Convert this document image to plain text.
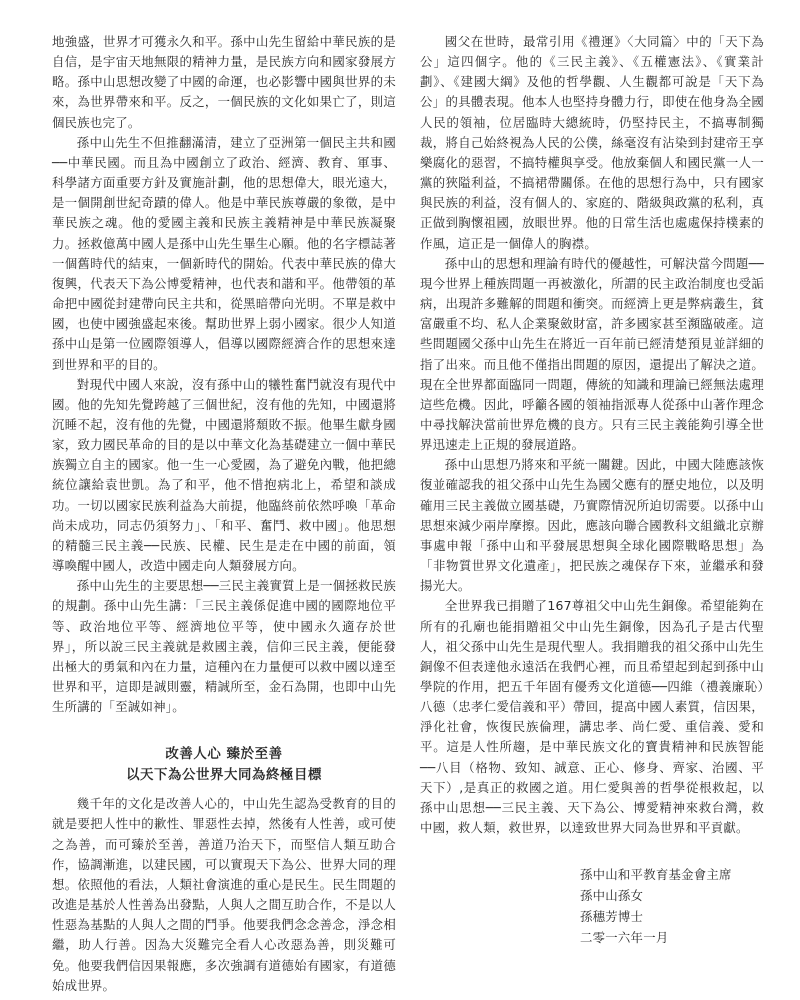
地強盛，世界才可獲永久和平。孫中山先生留給中華民族的是自信，是宇宙天地無限的精神力量，是民族方向和國家發展方略。孫中山思想改變了中國的命運，也必影響中國與世界的未來，為世界帶來和平。反之，一個民族的文化如果亡了，則這個民族也完了。

孫中山先生不但推翻滿清，建立了亞洲第一個民主共和國──中華民國。而且為中國創立了政治、經濟、教育、軍事、科學諸方面重要方針及實施計劃，他的思想偉大，眼光遠大，是一個開創世紀奇蹟的偉人。他是中華民族尊嚴的象徵，是中華民族之魂。他的愛國主義和民族主義精神是中華民族凝聚力。拯救億萬中國人是孫中山先生畢生心願。他的名字標誌著一個舊時代的結束，一個新時代的開始。代表中華民族的偉大復興，代表天下為公博愛精神，也代表和諧和平。他帶領的革命把中國從封建帶向民主共和，從黑暗帶向光明。不單是救中國，也使中國強盛起來後。幫助世界上弱小國家。很少人知道孫中山是第一位國際領導人，倡導以國際經濟合作的思想來達到世界和平的目的。

對現代中國人來說，沒有孫中山的犧牲奮鬥就沒有現代中國。他的先知先覺跨越了三個世紀，沒有他的先知，中國還將沉睡不起，沒有他的先覺，中國還將頹敗不振。他畢生獻身國家，致力國民革命的目的是以中華文化為基礎建立一個中華民族獨立自主的國家。他一生一心愛國，為了避免內戰，他把總統位讓給袁世凱。為了和平，他不惜抱病北上，希望和談成功。一切以國家民族利益為大前提，他臨終前依然呼喚「革命尚未成功，同志仍須努力」、「和平、奮鬥、救中國」。他思想的精髓三民主義──民族、民權、民生是走在中國的前面，領導喚醒中國人，改造中國走向人類發展方向。

孫中山先生的主要思想──三民主義實質上是一個拯救民族的規劃。孫中山先生講：「三民主義係促進中國的國際地位平等、政治地位平等、經濟地位平等，使中國永久適存於世界」，所以說三民主義就是救國主義，信仰三民主義，便能發出極大的勇氣和內在力量，這種內在力量便可以救中國以達至世界和平，這即是誠則靈，精誠所至，金石為開，也即中山先生所講的「至誠如神」。

改善人心 臻於至善
以天下為公世界大同為終極目標

幾千年的文化是改善人心的，中山先生認為受教育的目的就是要把人性中的歉性、罪惡性去掉，然後有人性善，或可使之為善，而可臻於至善，善道乃治天下，而堅信人類互助合作，協調漸進，以建民國，可以實現天下為公、世界大同的理想。依照他的看法，人類社會演進的重心是民生。民生問題的改進是基於人性善為出發點，人與人之間互助合作，不是以人性惡為基點的人與人之間的鬥爭。他要我們念念善念，淨念相繼，助人行善。因為大災難完全看人心改惡為善，則災難可免。他要我們信因果報應，多次強調有道德始有國家，有道德始成世界。

國父在世時，最常引用《禮運》〈大同篇〉中的「天下為公」這四個字。他的《三民主義》、《五權憲法》、《實業計劃》、《建國大綱》及他的哲學觀、人生觀都可說是「天下為公」的具體表現。他本人也堅持身體力行，即使在他身為全國人民的領袖，位居臨時大總統時，仍堅持民主，不搞專制獨裁，將自己始終視為人民的公僕，絲毫沒有沾染到封建帝王享樂腐化的惡習，不搞特權與享受。他放棄個人和國民黨一人一黨的狹隘利益，不搞裙帶關係。在他的思想行為中，只有國家與民族的利益，沒有個人的、家庭的、階級與政黨的私利，真正做到胸懷祖國，放眼世界。他的日常生活也處處保持樸素的作風，這正是一個偉人的胸襟。

孫中山的思想和理論有時代的優越性，可解決當今問題──現今世界上種族問題一再被激化，所謂的民主政治制度也受詬病，出現許多難解的問題和衝突。而經濟上更是弊病叢生，貧富嚴重不均、私人企業聚斂財富，許多國家甚至瀕臨破產。這些問題國父孫中山先生在將近一百年前已經清楚預見並詳細的指了出來。而且他不僅指出問題的原因，還提出了解決之道。現在全世界都面臨同一問題，傳統的知識和理論已經無法處理這些危機。因此，呼籲各國的領袖指派專人從孫中山著作理念中尋找解決當前世界危機的良方。只有三民主義能夠引導全世界迅速走上正規的發展道路。

孫中山思想乃將來和平統一關鍵。因此，中國大陸應該恢復並確認我的祖父孫中山先生為國父應有的歷史地位，以及明確用三民主義做立國基礎，乃實際情況所迫切需要。以孫中山思想來減少兩岸摩擦。因此，應該向聯合國教科文組織北京辦事處申報「孫中山和平發展思想與全球化國際戰略思想」為「非物質世界文化遺產」，把民族之魂保存下來，並繼承和發揚光大。

全世界我已捐贈了167尊祖父中山先生銅像。希望能夠在所有的孔廟也能捐贈祖父中山先生銅像，因為孔子是古代聖人，祖父孫中山先生是現代聖人。我捐贈我的祖父孫中山先生銅像不但表達他永遠活在我們心裡，而且希望起到起到孫中山學院的作用，把五千年固有優秀文化道德──四維（禮義廉恥）八德（忠孝仁愛信義和平）帶回，提高中國人素質，信因果，淨化社會，恢復民族倫理，講忠孝、尚仁愛、重信義、愛和平。這是人性所趨，是中華民族文化的寶貴精神和民族智能──八目（格物、致知、誠意、正心、修身、齊家、治國、平天下）,是真正的救國之道。用仁愛與善的哲學從根救起，以孫中山思想──三民主義、天下為公、博愛精神來救台灣，救中國，救人類，救世界，以達致世界大同為世界和平貢獻。

孫中山和平教育基金會主席
孫中山孫女
孫穗芳博士
二零一六年一月
